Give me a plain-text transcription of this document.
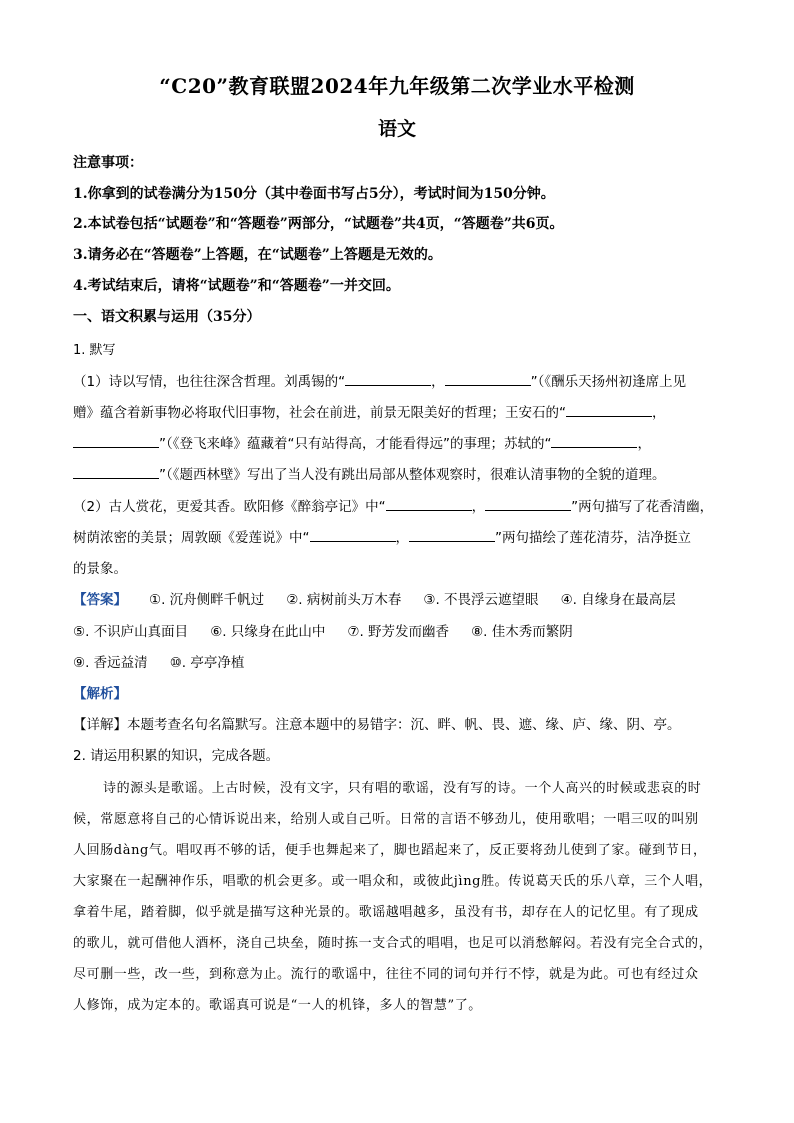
“C20”教育联盟2024年九年级第二次学业水平检测
语文
注意事项：
1.你拿到的试卷满分为150分（其中卷面书写占5分），考试时间为150分钟。
2.本试卷包括“试题卷”和“答题卷”两部分，“试题卷”共4页，“答题卷”共6页。
3.请务必在“答题卷”上答题，在“试题卷”上答题是无效的。
4.考试结束后，请将“试题卷”和“答题卷”一并交回。
一、语文积累与运用（35分）
1. 默写
（1）诗以写情，也往往深含哲理。刘禹锡的“	，	”（《酬乐天扬州初逢席上见
赠》蕴含着新事物必将取代旧事物，社会在前进，前景无限美好的哲理；王安石的“	，
”（《登飞来峰》蕴藏着“只有站得高，才能看得远”的事理；苏轼的“	，
”（《题西林壁》写出了当人没有跳出局部从整体观察时，很难认清事物的全貌的道理。
（2）古人赏花，更爱其香。欧阳修《醉翁亭记》中“	，	”两句描写了花香清幽，
树荫浓密的美景；周敦颐《爱莲说》中“	，	”两句描绘了莲花清芬，洁净挺立
的景象。
【答案】 ①. 沉舟侧畔千帆过 ②. 病树前头万木春 ③. 不畏浮云遮望眼 ④. 自缘身在最高层
⑤. 不识庐山真面目 ⑥. 只缘身在此山中 ⑦. 野芳发而幽香 ⑧. 佳木秀而繁阴
⑨. 香远益清 ⑩. 亭亭净植
【解析】
【详解】本题考查名句名篇默写。注意本题中的易错字：沉、畔、帆、畏、遮、缘、庐、缘、阴、亭。
2. 请运用积累的知识，完成各题。
诗的源头是歌谣。上古时候，没有文字，只有唱的歌谣，没有写的诗。一个人高兴的时候或悲哀的时
候，常愿意将自己的心情诉说出来，给别人或自己听。日常的言语不够劲儿，使用歌唱；一唱三叹的叫别
人回肠dàng气。唱叹再不够的话，便手也舞起来了，脚也蹈起来了，反正要将劲儿使到了家。碰到节日，
大家聚在一起酬神作乐，唱歌的机会更多。或一唱众和，或彼此jìng胜。传说葛天氏的乐八章，三个人唱，
拿着牛尾，踏着脚，似乎就是描写这种光景的。歌谣越唱越多，虽没有书，却存在人的记忆里。有了现成
的歌儿，就可借他人酒杯，浇自己块垒，随时拣一支合式的唱唱，也足可以消愁解闷。若没有完全合式的，
尽可删一些，改一些，到称意为止。流行的歌谣中，往往不同的词句并行不悖，就是为此。可也有经过众
人修饰，成为定本的。歌谣真可说是“一人的机锋，多人的智慧”了。
